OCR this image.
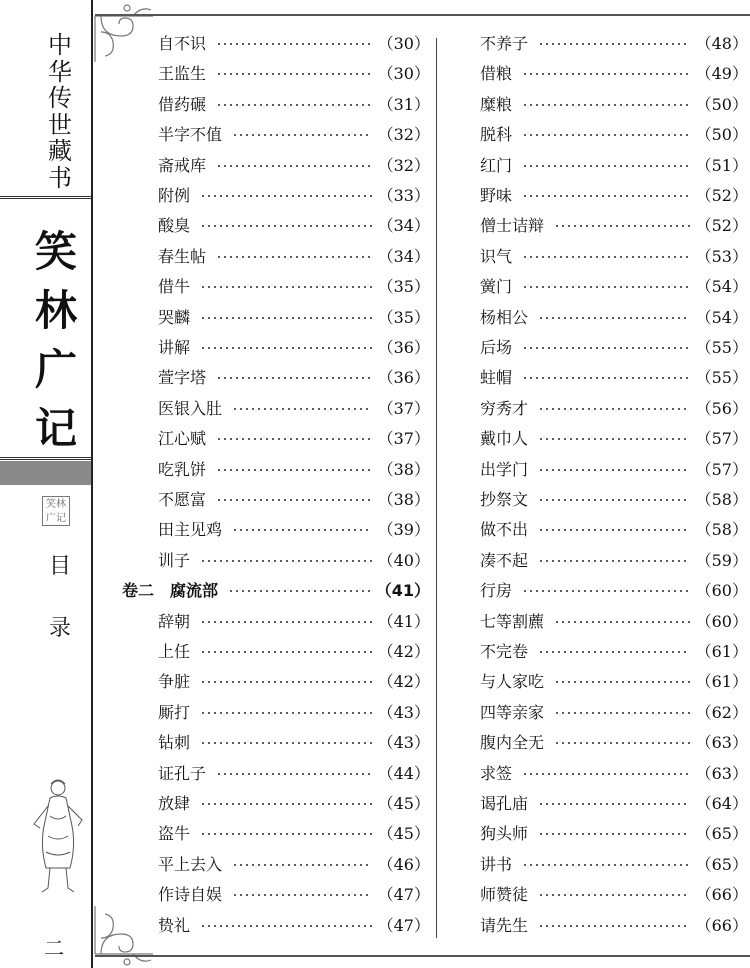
中
华
传
世
藏
书
笑
林
广
记
笑林
广记
目
录
二
自不识	（30）
王监生	（30）
借药碾	（31）
半字不值	（32）
斋戒库	（32）
附例	（33）
酸臭	（34）
春生帖	（34）
借牛	（35）
哭麟	（35）
讲解	（36）
萱字塔	（36）
医银入肚	（37）
江心赋	（37）
吃乳饼	（38）
不愿富	（38）
田主见鸡	（39）
训子	（40）
卷二　腐流部	（41）
辞朝	（41）
上任	（42）
争脏	（42）
厮打	（43）
钻刺	（43）
证孔子	（44）
放肆	（45）
盗牛	（45）
平上去入	（46）
作诗自娱	（47）
贽礼	（47）
不养子	（48）
借粮	（49）
糜粮	（50）
脱科	（50）
红门	（51）
野味	（52）
僧士诘辩	（52）
识气	（53）
黉门	（54）
杨相公	（54）
后场	（55）
蛀帽	（55）
穷秀才	（56）
戴巾人	（57）
出学门	（57）
抄祭文	（58）
做不出	（58）
凑不起	（59）
行房	（60）
七等割藨	（60）
不完卷	（61）
与人家吃	（61）
四等亲家	（62）
腹内全无	（63）
求签	（63）
谒孔庙	（64）
狗头师	（65）
讲书	（65）
师赞徒	（66）
请先生	（66）
